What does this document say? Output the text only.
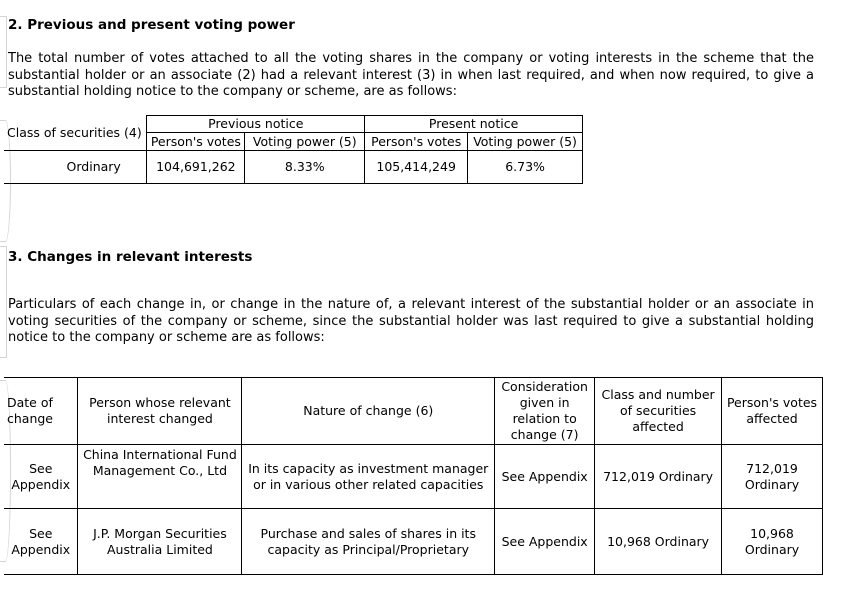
2. Previous and present voting power
The total number of votes attached to all the voting shares in the company or voting interests in the scheme that the substantial holder or an associate (2) had a relevant interest (3) in when last required, and when now required, to give a substantial holding notice to the company or scheme, are as follows:
Class of securities (4)	Previous notice		Present notice	
	Person's votes	Voting power (5)	Person's votes	Voting power (5)
Ordinary	104,691,262	8.33%	105,414,249	6.73%
3. Changes in relevant interests
Particulars of each change in, or change in the nature of, a relevant interest of the substantial holder or an associate in voting securities of the company or scheme, since the substantial holder was last required to give a substantial holding notice to the company or scheme are as follows:
Date of change	Person whose relevant interest changed	Nature of change (6)	Consideration given in relation to change (7)	Class and number of securities affected	Person's votes affected
See Appendix	China International Fund Management Co., Ltd	In its capacity as investment manager or in various other related capacities	See Appendix	712,019 Ordinary	712,019 Ordinary
See Appendix	J.P. Morgan Securities Australia Limited	Purchase and sales of shares in its capacity as Principal/Proprietary	See Appendix	10,968 Ordinary	10,968 Ordinary
